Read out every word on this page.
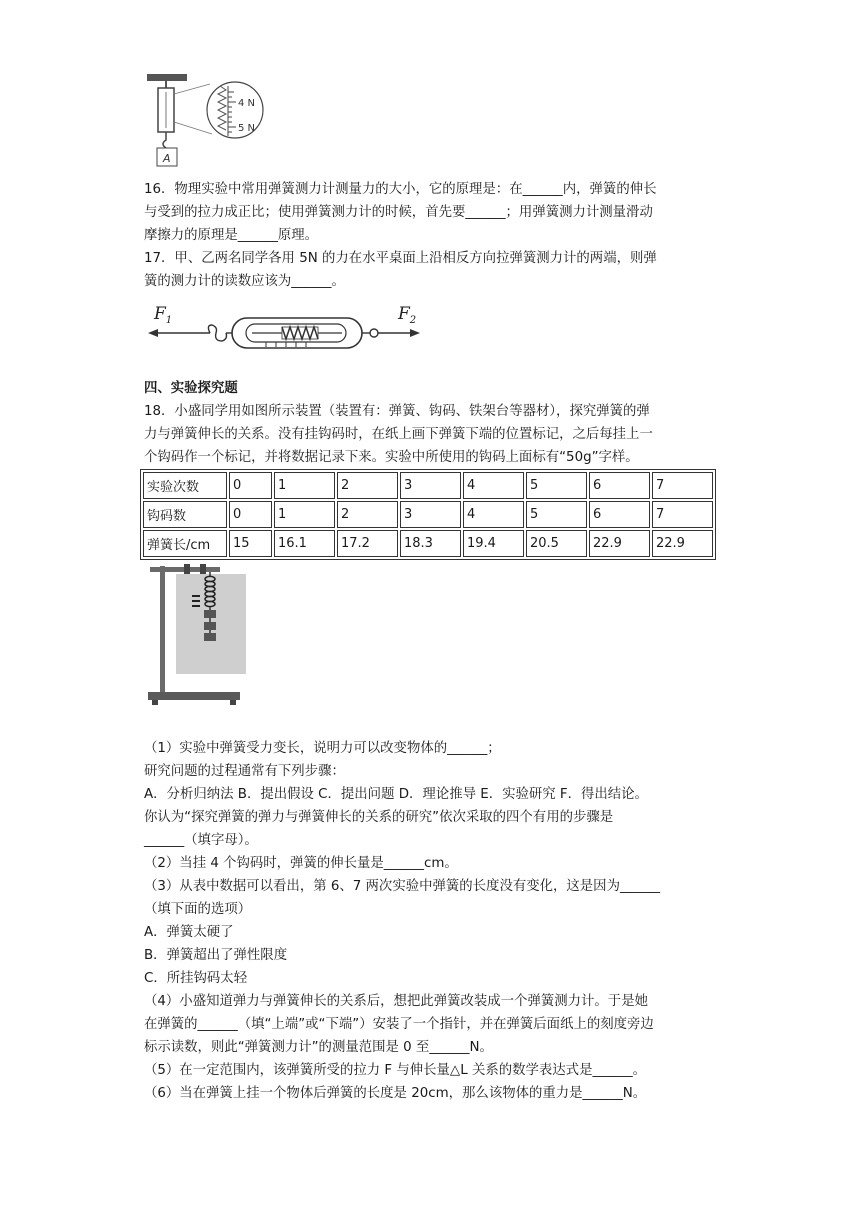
A
4 N
5 N
16．物理实验中常用弹簧测力计测量力的大小，它的原理是：在______内，弹簧的伸长
与受到的拉力成正比；使用弹簧测力计的时候，首先要______；用弹簧测力计测量滑动
摩擦力的原理是______原理。
17．甲、乙两名同学各用 5N 的力在水平桌面上沿相反方向拉弹簧测力计的两端，则弹
簧的测力计的读数应该为______。
$F_1$	$F_2$
四、实验探究题
18．小盛同学用如图所示装置（装置有：弹簧、钩码、铁架台等器材），探究弹簧的弹
力与弹簧伸长的关系。没有挂钩码时，在纸上画下弹簧下端的位置标记，之后每挂上一
个钩码作一个标记，并将数据记录下来。实验中所使用的钩码上面标有“50g”字样。
实验次数	0	1	2	3	4	5	6	7
钩码数	0	1	2	3	4	5	6	7
弹簧长/cm	15	16.1	17.2	18.3	19.4	20.5	22.9	22.9
（1）实验中弹簧受力变长，说明力可以改变物体的______；
研究问题的过程通常有下列步骤：
A．分析归纳法 B．提出假设 C．提出问题 D．理论推导 E．实验研究 F．得出结论。
你认为“探究弹簧的弹力与弹簧伸长的关系的研究”依次采取的四个有用的步骤是
______（填字母）。
（2）当挂 4 个钩码时，弹簧的伸长量是______cm。
（3）从表中数据可以看出，第 6、7 两次实验中弹簧的长度没有变化，这是因为______
（填下面的选项）
A．弹簧太硬了
B．弹簧超出了弹性限度
C．所挂钩码太轻
（4）小盛知道弹力与弹簧伸长的关系后，想把此弹簧改装成一个弹簧测力计。于是她
在弹簧的______（填“上端”或“下端”）安装了一个指针，并在弹簧后面纸上的刻度旁边
标示读数，则此“弹簧测力计”的测量范围是 0 至______N。
（5）在一定范围内，该弹簧所受的拉力 F 与伸长量△L 关系的数学表达式是______。
（6）当在弹簧上挂一个物体后弹簧的长度是 20cm，那么该物体的重力是______N。
